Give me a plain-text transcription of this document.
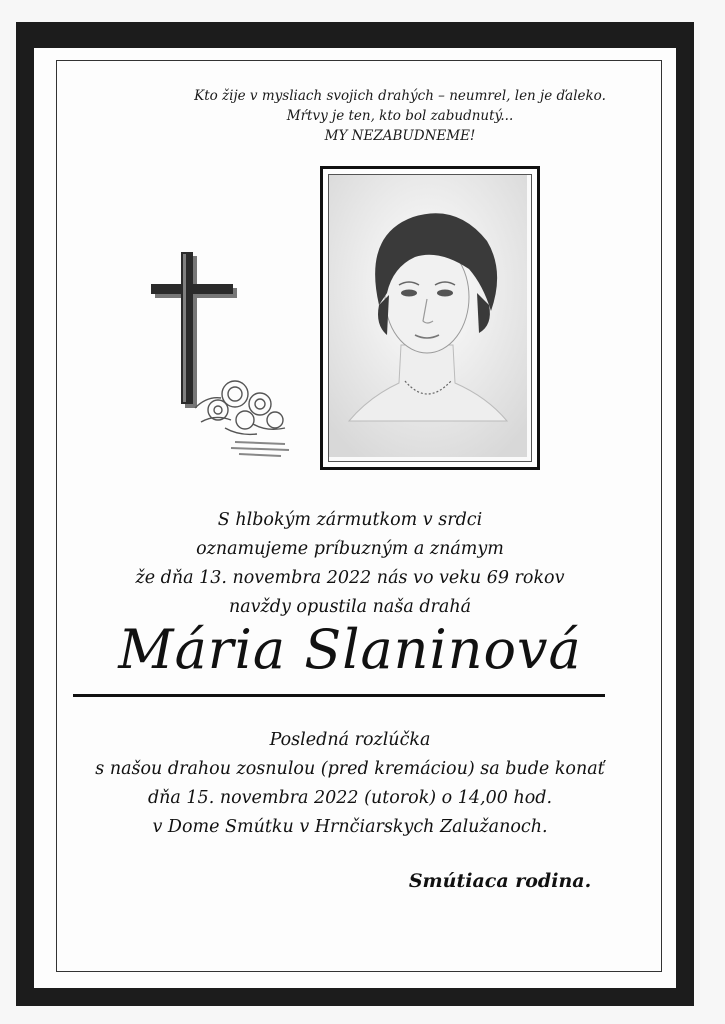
Kto žije v mysliach svojich drahých – neumrel, len je ďaleko.
Mŕtvy je ten, kto bol zabudnutý...
MY NEZABUDNEME!
S hlbokým zármutkom v srdci
oznamujeme príbuzným a známym
že dňa 13. novembra 2022 nás vo veku 69 rokov
navždy opustila naša drahá
Mária Slaninová
Posledná rozlúčka
s našou drahou zosnulou (pred kremáciou) sa bude konať
dňa 15. novembra 2022 (utorok) o 14,00 hod.
v Dome Smútku v Hrnčiarskych Zalužanoch.
Smútiaca rodina.
